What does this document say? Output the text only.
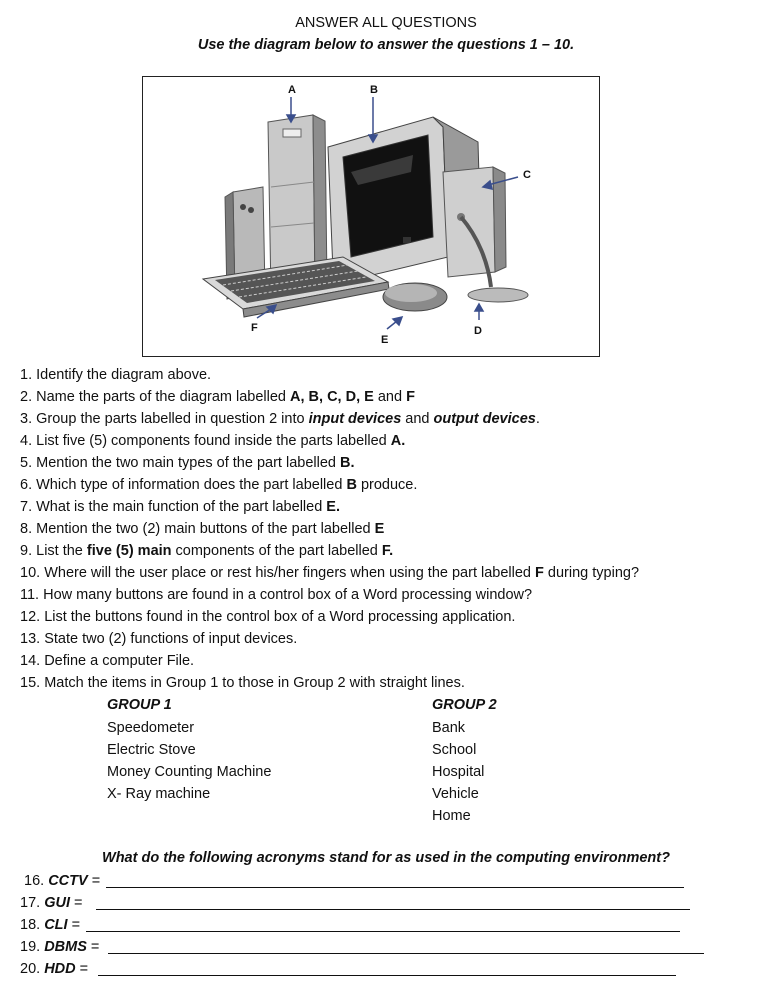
ANSWER ALL QUESTIONS
Use the diagram below to answer the questions 1 – 10.
A	B
C
D
E
F
1. Identify the diagram above.
2. Name the parts of the diagram labelled A, B, C, D, E and F
3. Group the parts labelled in question 2 into input devices and output devices.
4. List five (5) components found inside the parts labelled A.
5. Mention the two main types of the part labelled B.
6. Which type of information does the part labelled B produce.
7. What is the main function of the part labelled E.
8. Mention the two (2) main buttons of the part labelled E
9. List the five (5) main components of the part labelled F.
10. Where will the user place or rest his/her fingers when using the part labelled F during typing?
11. How many buttons are found in a control box of a Word processing window?
12. List the buttons found in the control box of a Word processing application.
13. State two (2) functions of input devices.
14. Define a computer File.
15. Match the items in Group 1 to those in Group 2 with straight lines.
GROUP 1	GROUP 2
Speedometer
Electric Stove
Money Counting Machine
X- Ray machine
Bank
School
Hospital
Vehicle
Home
What do the following acronyms stand for as used in the computing environment?
16. CCTV =
17. GUI =
18. CLI =
19. DBMS =
20. HDD =
